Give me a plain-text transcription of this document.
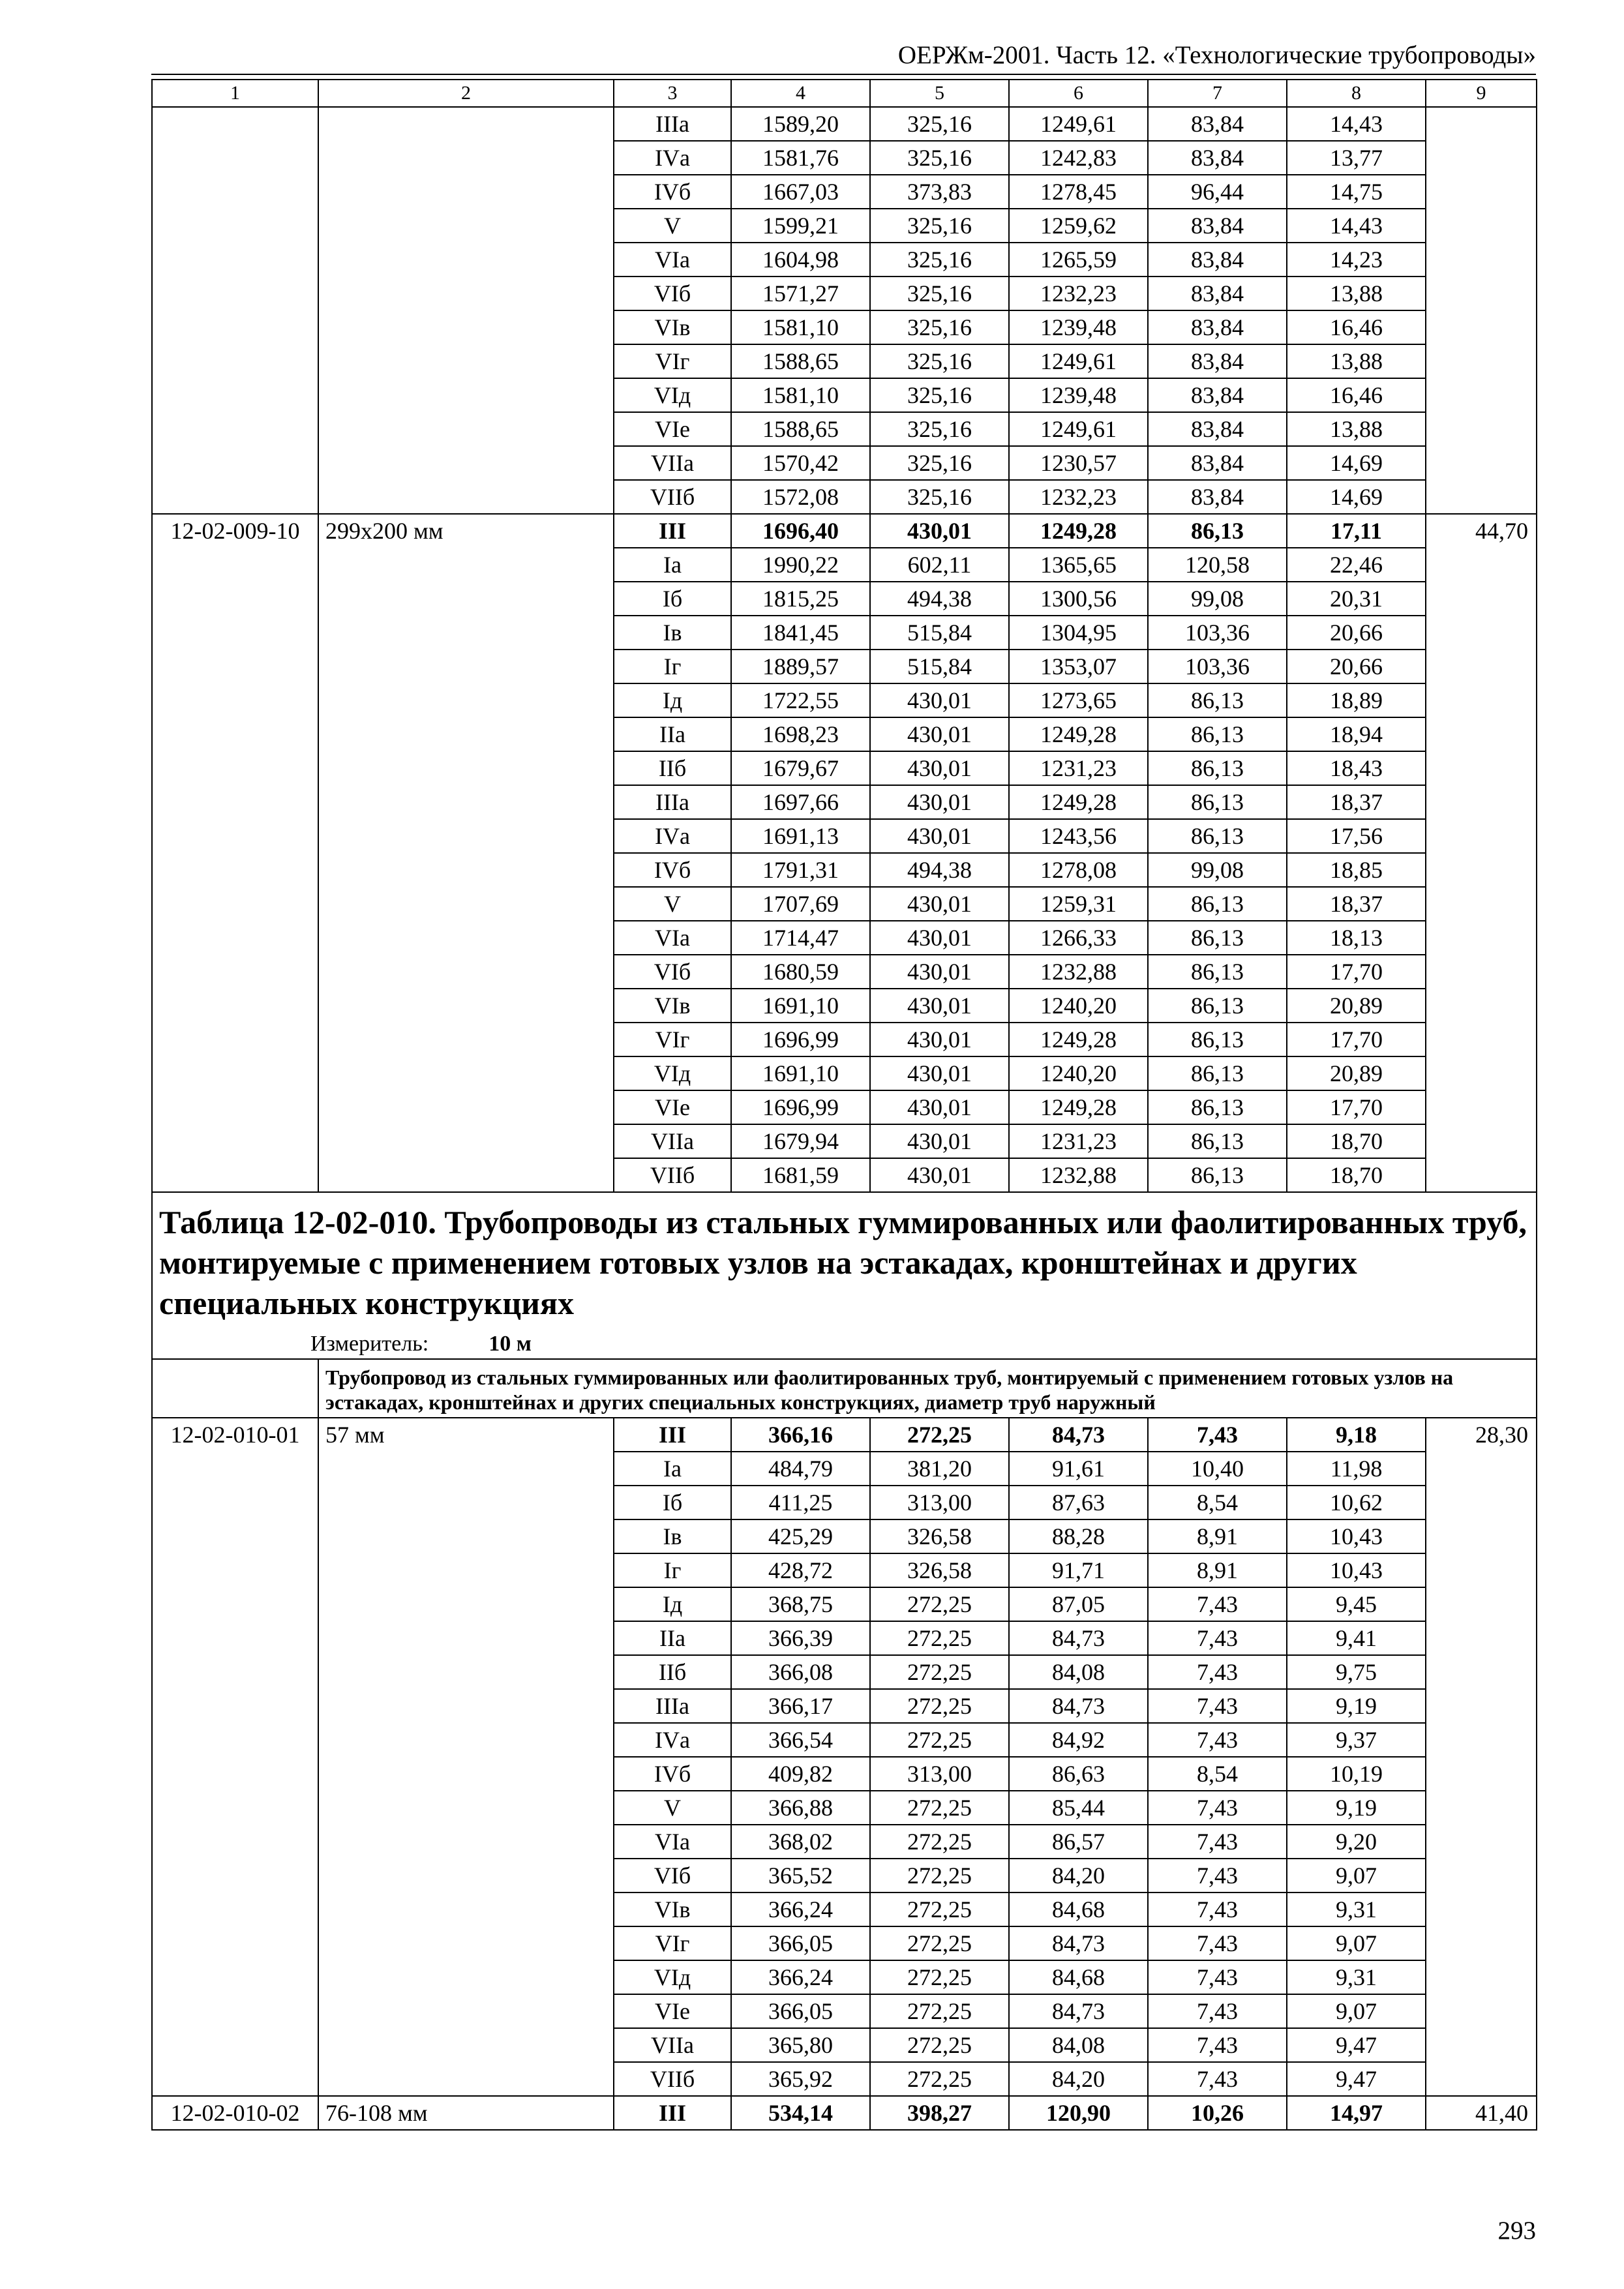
ОЕРЖм-2001. Часть 12. «Технологические трубопроводы»
1	2	3	4	5	6	7	8	9
		IIIа	1589,20	325,16	1249,61	83,84	14,43	
		IVа	1581,76	325,16	1242,83	83,84	13,77	
		IVб	1667,03	373,83	1278,45	96,44	14,75	
		V	1599,21	325,16	1259,62	83,84	14,43	
		VIа	1604,98	325,16	1265,59	83,84	14,23	
		VIб	1571,27	325,16	1232,23	83,84	13,88	
		VIв	1581,10	325,16	1239,48	83,84	16,46	
		VIг	1588,65	325,16	1249,61	83,84	13,88	
		VIд	1581,10	325,16	1239,48	83,84	16,46	
		VIе	1588,65	325,16	1249,61	83,84	13,88	
		VIIа	1570,42	325,16	1230,57	83,84	14,69	
		VIIб	1572,08	325,16	1232,23	83,84	14,69	
12-02-009-10	299х200 мм	III	1696,40	430,01	1249,28	86,13	17,11	44,70
		Iа	1990,22	602,11	1365,65	120,58	22,46	
		Iб	1815,25	494,38	1300,56	99,08	20,31	
		Iв	1841,45	515,84	1304,95	103,36	20,66	
		Iг	1889,57	515,84	1353,07	103,36	20,66	
		Iд	1722,55	430,01	1273,65	86,13	18,89	
		IIа	1698,23	430,01	1249,28	86,13	18,94	
		IIб	1679,67	430,01	1231,23	86,13	18,43	
		IIIа	1697,66	430,01	1249,28	86,13	18,37	
		IVа	1691,13	430,01	1243,56	86,13	17,56	
		IVб	1791,31	494,38	1278,08	99,08	18,85	
		V	1707,69	430,01	1259,31	86,13	18,37	
		VIа	1714,47	430,01	1266,33	86,13	18,13	
		VIб	1680,59	430,01	1232,88	86,13	17,70	
		VIв	1691,10	430,01	1240,20	86,13	20,89	
		VIг	1696,99	430,01	1249,28	86,13	17,70	
		VIд	1691,10	430,01	1240,20	86,13	20,89	
		VIе	1696,99	430,01	1249,28	86,13	17,70	
		VIIа	1679,94	430,01	1231,23	86,13	18,70	
		VIIб	1681,59	430,01	1232,88	86,13	18,70	

Таблица 12-02-010. Трубопроводы из стальных гуммированных или фаолитированных труб, монтируемые с применением готовых узлов на эстакадах, кронштейнах и других специальных конструкциях
Измеритель: 10 м								

	Трубопровод из стальных гуммированных или фаолитированных труб, монтируемый с применением готовых узлов на эстакадах, кронштейнах и других специальных конструкциях, диаметр труб наружный							
12-02-010-01	57 мм	III	366,16	272,25	84,73	7,43	9,18	28,30
		Iа	484,79	381,20	91,61	10,40	11,98	
		Iб	411,25	313,00	87,63	8,54	10,62	
		Iв	425,29	326,58	88,28	8,91	10,43	
		Iг	428,72	326,58	91,71	8,91	10,43	
		Iд	368,75	272,25	87,05	7,43	9,45	
		IIа	366,39	272,25	84,73	7,43	9,41	
		IIб	366,08	272,25	84,08	7,43	9,75	
		IIIа	366,17	272,25	84,73	7,43	9,19	
		IVа	366,54	272,25	84,92	7,43	9,37	
		IVб	409,82	313,00	86,63	8,54	10,19	
		V	366,88	272,25	85,44	7,43	9,19	
		VIа	368,02	272,25	86,57	7,43	9,20	
		VIб	365,52	272,25	84,20	7,43	9,07	
		VIв	366,24	272,25	84,68	7,43	9,31	
		VIг	366,05	272,25	84,73	7,43	9,07	
		VIд	366,24	272,25	84,68	7,43	9,31	
		VIе	366,05	272,25	84,73	7,43	9,07	
		VIIа	365,80	272,25	84,08	7,43	9,47	
		VIIб	365,92	272,25	84,20	7,43	9,47	
12-02-010-02	76-108 мм	III	534,14	398,27	120,90	10,26	14,97	41,40
293
